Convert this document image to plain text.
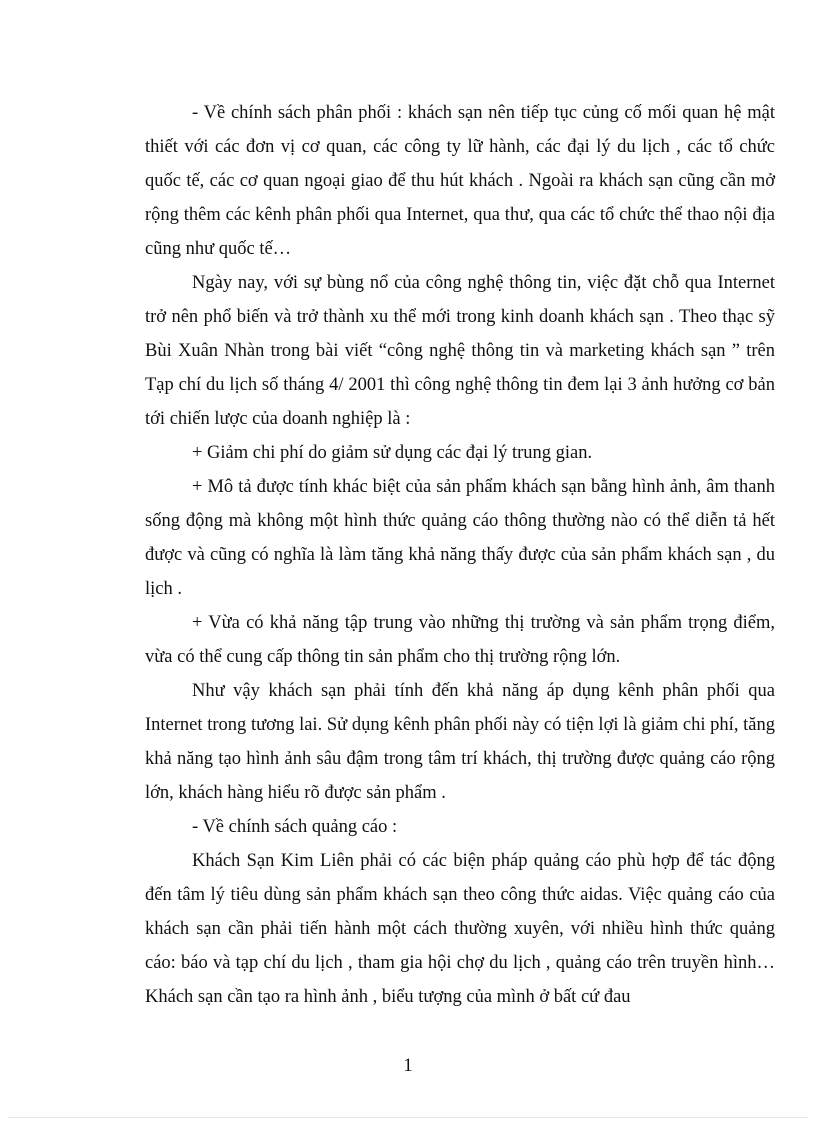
- Về chính sách phân phối : khách sạn nên tiếp tục củng cố mối quan hệ mật thiết với các đơn vị cơ quan, các công ty lữ hành, các đại lý du lịch , các tổ chức quốc tế, các cơ quan ngoại giao để thu hút khách . Ngoài ra khách sạn cũng cần mở rộng thêm các kênh phân phối qua Internet, qua thư, qua các tổ chức thể thao nội địa cũng như quốc tế…

Ngày nay, với sự bùng nổ của công nghệ thông tin, việc đặt chỗ qua Internet trở nên phổ biến và trở thành xu thể mới trong kinh doanh khách sạn . Theo thạc sỹ Bùi Xuân Nhàn trong bài viết “công nghệ thông tin và marketing khách sạn ” trên Tạp chí du lịch số tháng 4/ 2001 thì công nghệ thông tin đem lại 3 ảnh hưởng cơ bản tới chiến lược của doanh nghiệp là :

+ Giảm chi phí do giảm sử dụng các đại lý trung gian.

+ Mô tả được tính khác biệt của sản phẩm khách sạn bằng hình ảnh, âm thanh sống động mà không một hình thức quảng cáo thông thường nào có thể diễn tả hết được và cũng có nghĩa là làm tăng khả năng thấy được của sản phẩm khách sạn , du lịch .

+ Vừa có khả năng tập trung vào những thị trường và sản phẩm trọng điểm, vừa có thể cung cấp thông tin sản phẩm cho thị trường rộng lớn.

Như vậy khách sạn phải tính đến khả năng áp dụng kênh phân phối qua Internet trong tương lai. Sử dụng kênh phân phối này có tiện lợi là giảm chi phí, tăng khả năng tạo hình ảnh sâu đậm trong tâm trí khách, thị trường được quảng cáo rộng lớn, khách hàng hiểu rõ được sản phẩm .

- Về chính sách quảng cáo :

Khách Sạn Kim Liên phải có các biện pháp quảng cáo phù hợp để tác động đến tâm lý tiêu dùng sản phẩm khách sạn theo công thức aidas. Việc quảng cáo của khách sạn cần phải tiến hành một cách thường xuyên, với nhiều hình thức quảng cáo: báo và tạp chí du lịch , tham gia hội chợ du lịch , quảng cáo trên truyền hình…Khách sạn cần tạo ra hình ảnh , biểu tượng của mình ở bất cứ đau

1
